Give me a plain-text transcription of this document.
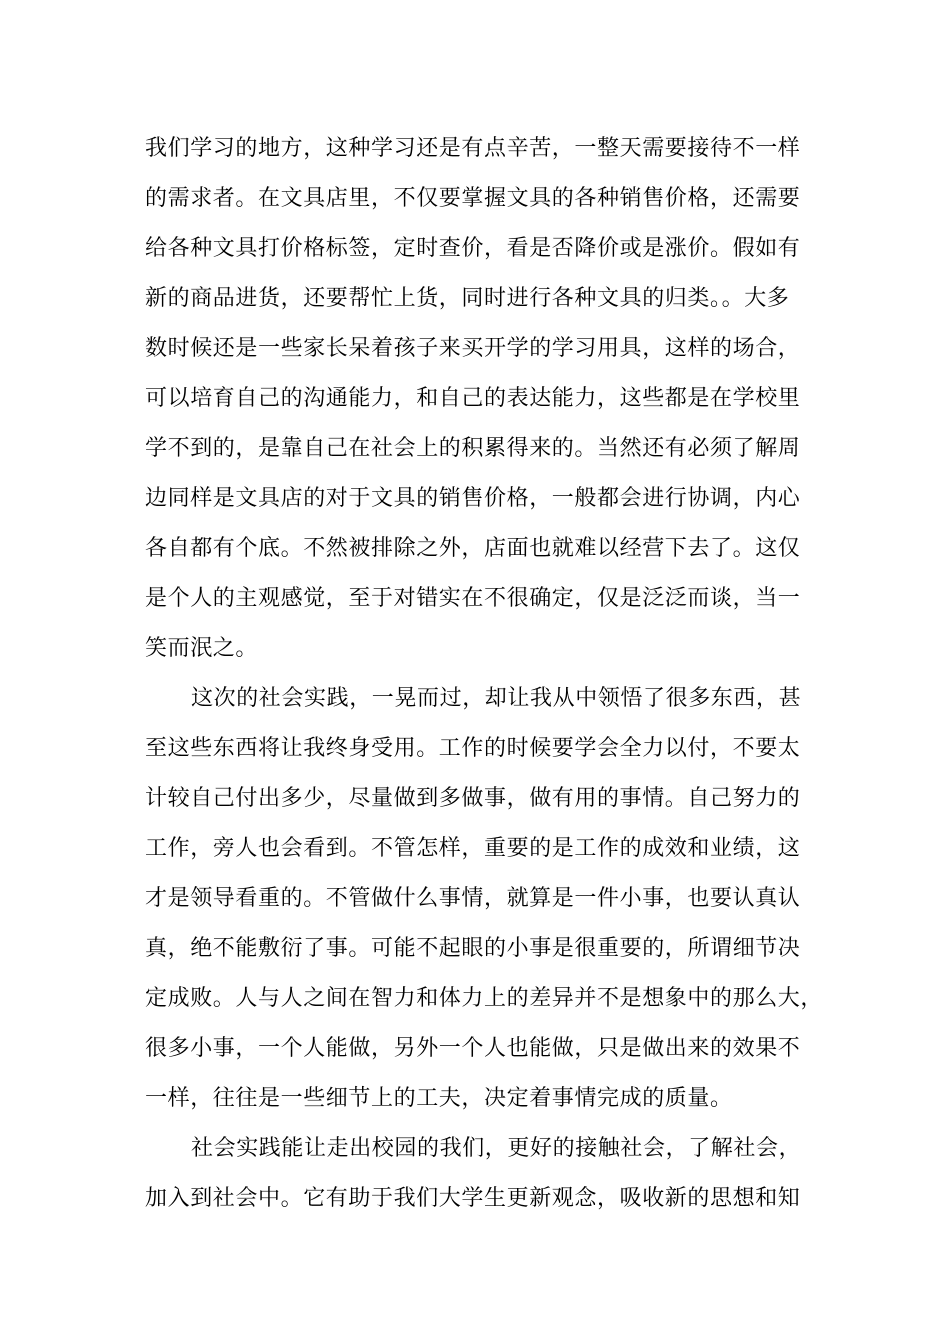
我们学习的地方，这种学习还是有点辛苦，一整天需要接待不一样
的需求者。在文具店里，不仅要掌握文具的各种销售价格，还需要
给各种文具打价格标签，定时查价，看是否降价或是涨价。假如有
新的商品进货，还要帮忙上货，同时进行各种文具的归类。。大多
数时候还是一些家长呆着孩子来买开学的学习用具，这样的场合，
可以培育自己的沟通能力，和自己的表达能力，这些都是在学校里
学不到的，是靠自己在社会上的积累得来的。当然还有必须了解周
边同样是文具店的对于文具的销售价格，一般都会进行协调，内心
各自都有个底。不然被排除之外，店面也就难以经营下去了。这仅
是个人的主观感觉，至于对错实在不很确定，仅是泛泛而谈，当一
笑而泯之。
这次的社会实践，一晃而过，却让我从中领悟了很多东西，甚
至这些东西将让我终身受用。工作的时候要学会全力以付，不要太
计较自己付出多少，尽量做到多做事，做有用的事情。自己努力的
工作，旁人也会看到。不管怎样，重要的是工作的成效和业绩，这
才是领导看重的。不管做什么事情，就算是一件小事，也要认真认
真，绝不能敷衍了事。可能不起眼的小事是很重要的，所谓细节决
定成败。人与人之间在智力和体力上的差异并不是想象中的那么大，
很多小事，一个人能做，另外一个人也能做，只是做出来的效果不
一样，往往是一些细节上的工夫，决定着事情完成的质量。
社会实践能让走出校园的我们，更好的接触社会，了解社会，
加入到社会中。它有助于我们大学生更新观念，吸收新的思想和知
